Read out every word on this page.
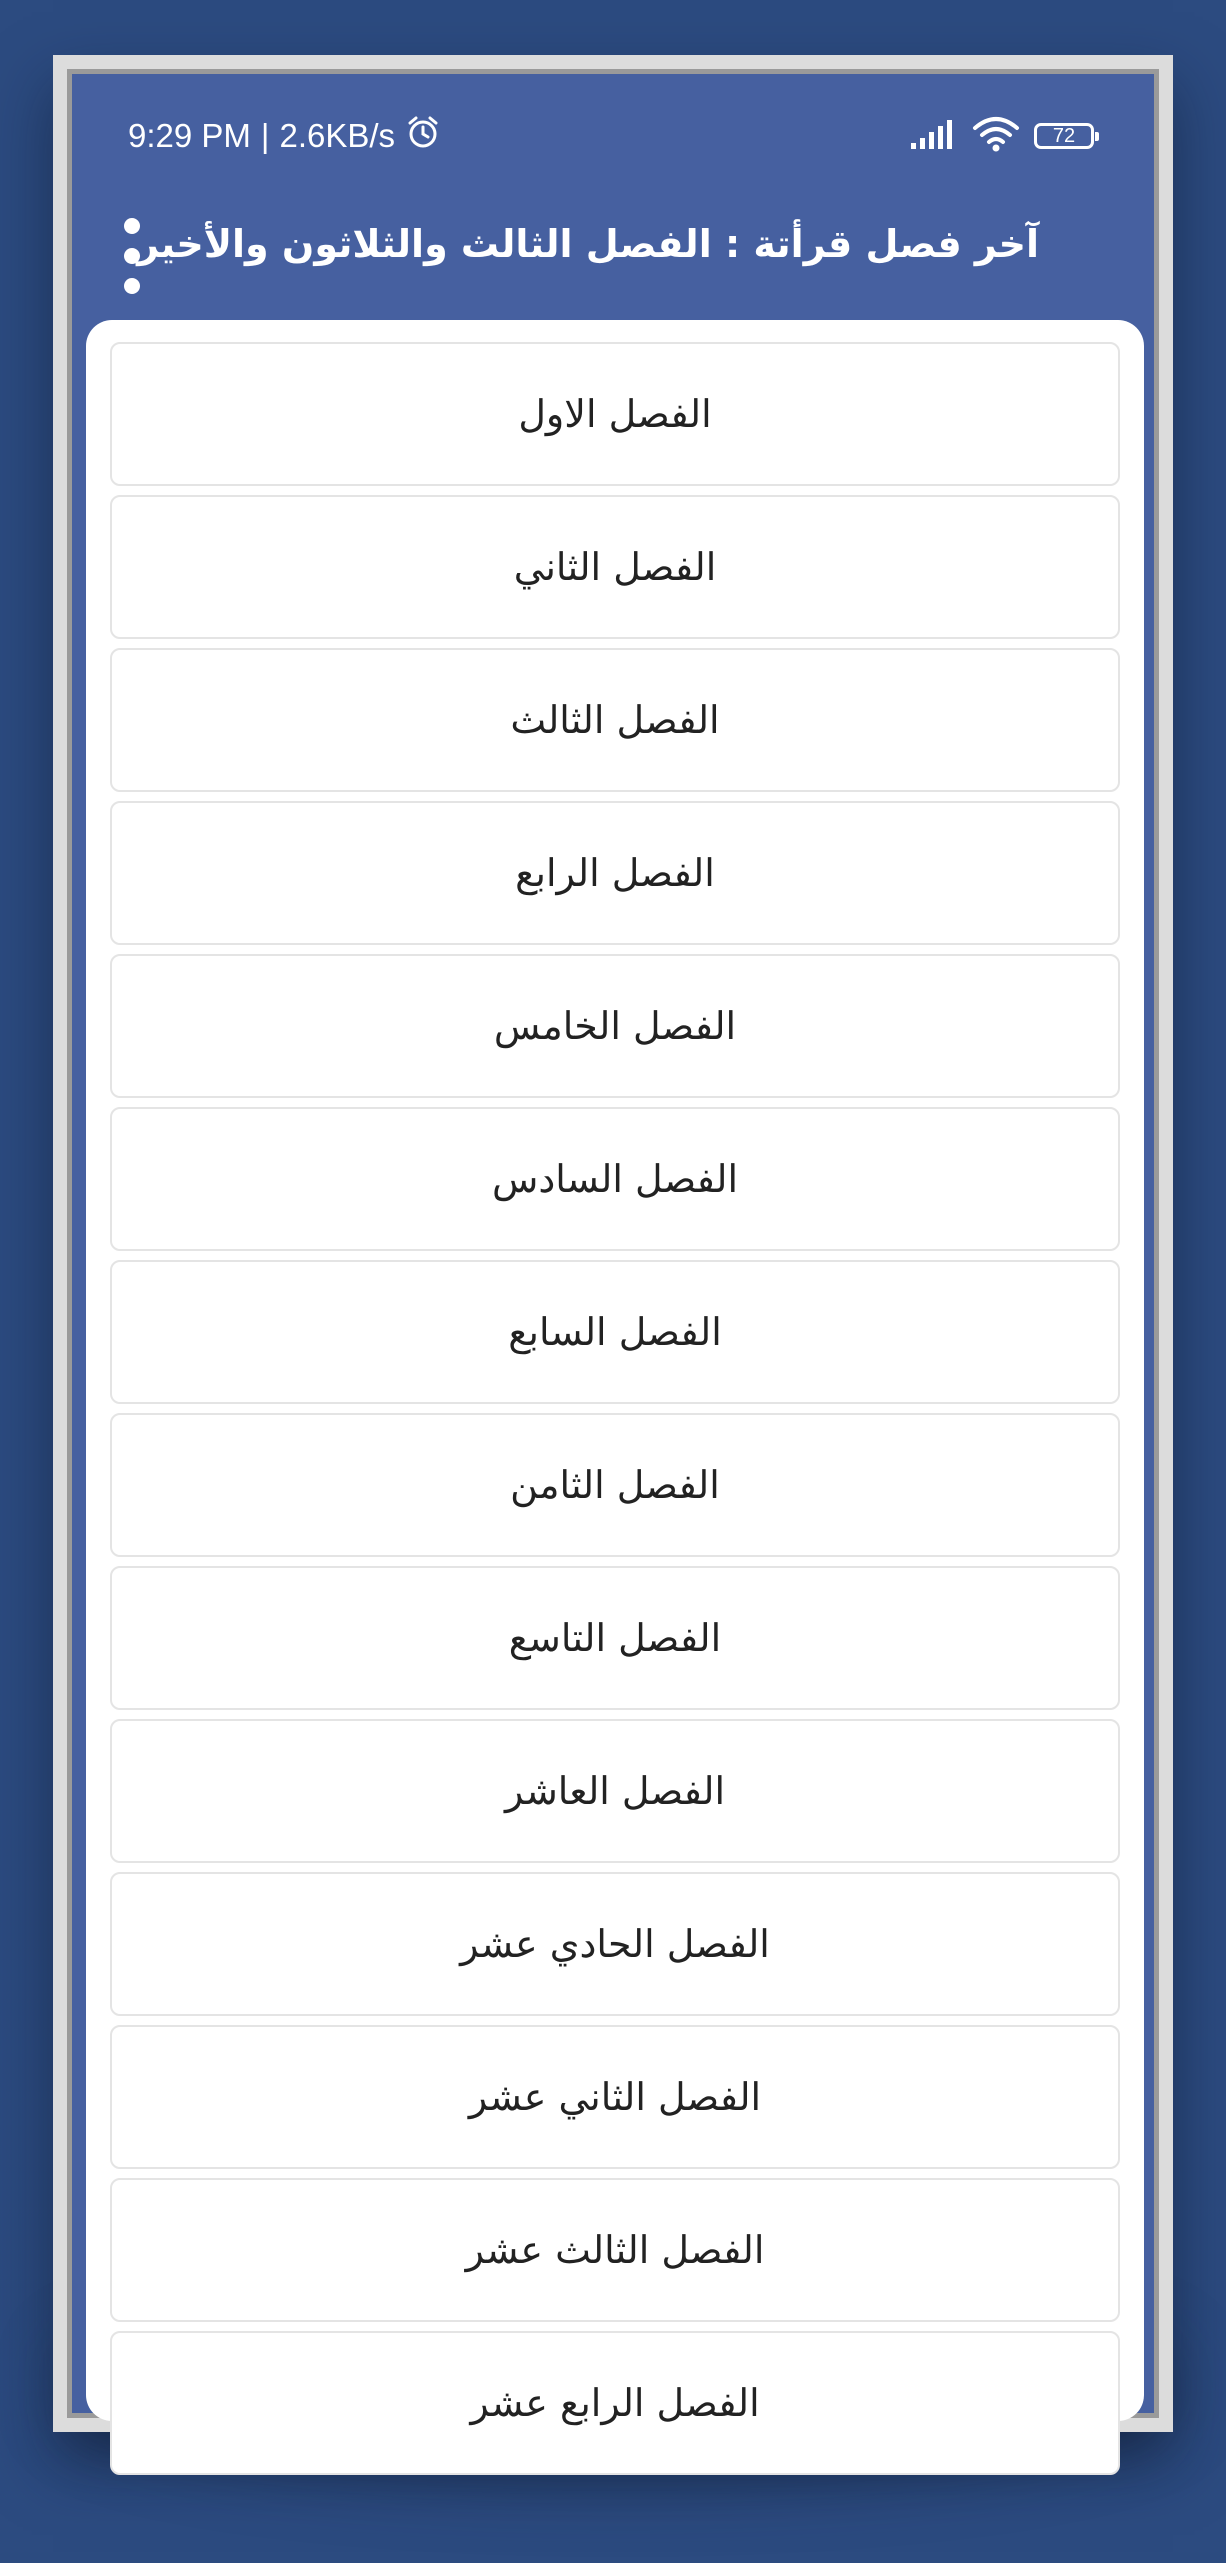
9:29 PM | 2.6KB/s	72
آخر فصل قرأتة : الفصل الثالث والثلاثون والأخير
الفصل الاول
الفصل الثاني
الفصل الثالث
الفصل الرابع
الفصل الخامس
الفصل السادس
الفصل السابع
الفصل الثامن
الفصل التاسع
الفصل العاشر
الفصل الحادي عشر
الفصل الثاني عشر
الفصل الثالث عشر
الفصل الرابع عشر
